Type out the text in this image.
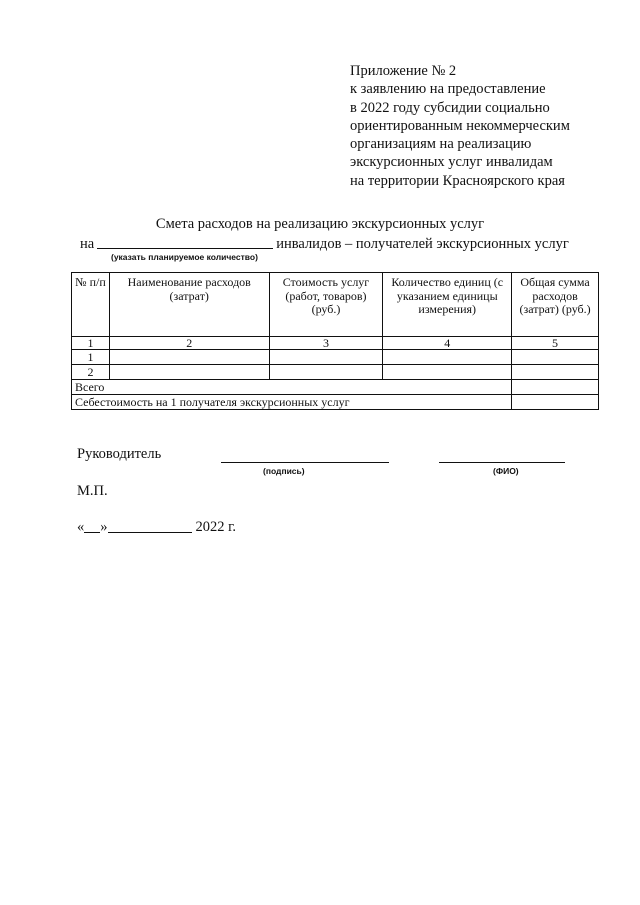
Приложение № 2
к заявлению на предоставление
в 2022 году субсидии социально
ориентированным некоммерческим
организациям на реализацию
экскурсионных услуг инвалидам
на территории Красноярского края
Смета расходов на реализацию экскурсионных услуг
на	инвалидов – получателей экскурсионных услуг
(указать планируемое количество)
№ п/п	Наименование расходов (затрат)	Стоимость услуг (работ, товаров) (руб.)	Количество единиц (с указанием единицы измерения)	Общая сумма расходов (затрат) (руб.)
1	2	3	4	5
1				
2				
Всего				
Себестоимость на 1 получателя экскурсионных услуг				
Руководитель
(подпись)	(ФИО)
М.П.
« »	2022 г.
